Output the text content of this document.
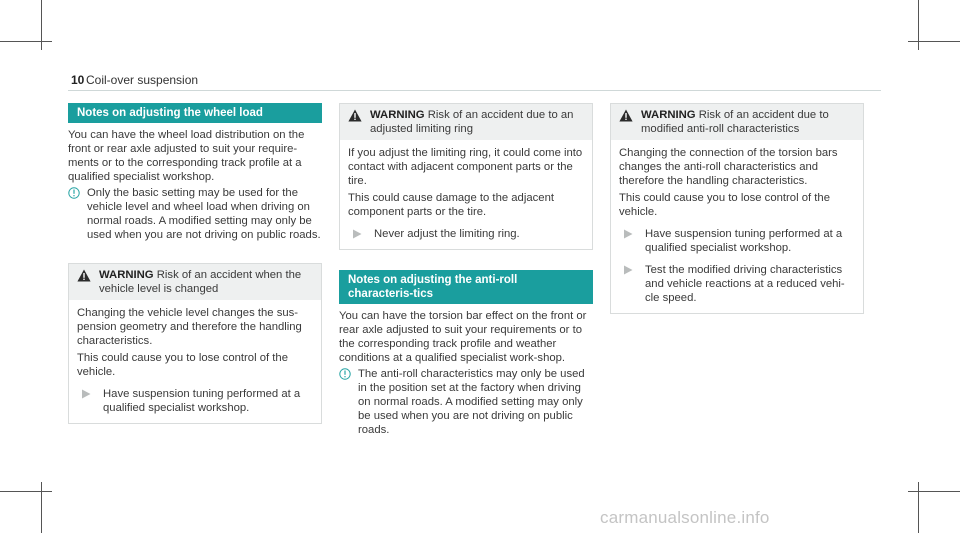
10 Coil-over suspension
Notes on adjusting the wheel load

You can have the wheel load distribution on the front or rear axle adjusted to suit your require-ments or to the corresponding track profile at a qualified specialist workshop.

Only the basic setting may be used for the vehicle level and wheel load when driving on normal roads. A modified setting may only be used when you are not driving on public roads.

WARNING Risk of an accident when the vehicle level is changed

Changing the vehicle level changes the sus-pension geometry and therefore the handling characteristics.

This could cause you to lose control of the vehicle.

Have suspension tuning performed at a qualified specialist workshop.
WARNING Risk of an accident due to an adjusted limiting ring

If you adjust the limiting ring, it could come into contact with adjacent component parts or the tire.

This could cause damage to the adjacent component parts or the tire.

Never adjust the limiting ring.
Notes on adjusting the anti-roll characteris-tics

You can have the torsion bar effect on the front or rear axle adjusted to suit your requirements or to the corresponding track profile and weather conditions at a qualified specialist work-shop.

The anti-roll characteristics may only be used in the position set at the factory when driving on normal roads. A modified setting may only be used when you are not driving on public roads.

WARNING Risk of an accident due to modified anti-roll characteristics

Changing the connection of the torsion bars changes the anti-roll characteristics and therefore the handling characteristics.

This could cause you to lose control of the vehicle.

Have suspension tuning performed at a qualified specialist workshop.
Test the modified driving characteristics and vehicle reactions at a reduced vehi-cle speed.
carmanualsonline.info
